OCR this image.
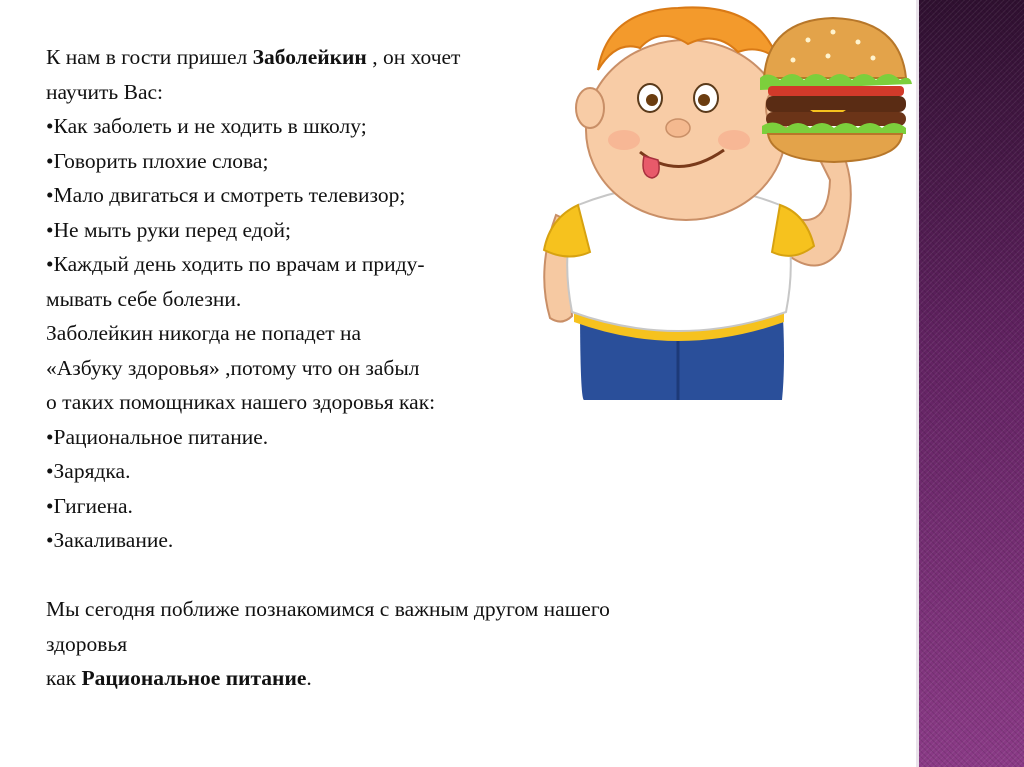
К нам в гости пришел Заболейкин , он хочет
научить Вас:
•Как заболеть и не ходить в школу;
•Говорить плохие слова;
•Мало двигаться и смотреть телевизор;
•Не мыть руки перед едой;
•Каждый день ходить по врачам и приду-
мывать себе болезни.
Заболейкин никогда не попадет на
«Азбуку здоровья» ,потому что он забыл
о таких помощниках нашего здоровья как:
•Рациональное питание.
•Зарядка.
•Гигиена.
•Закаливание.
Мы сегодня поближе познакомимся с важным другом нашего
здоровья
как Рациональное питание.
